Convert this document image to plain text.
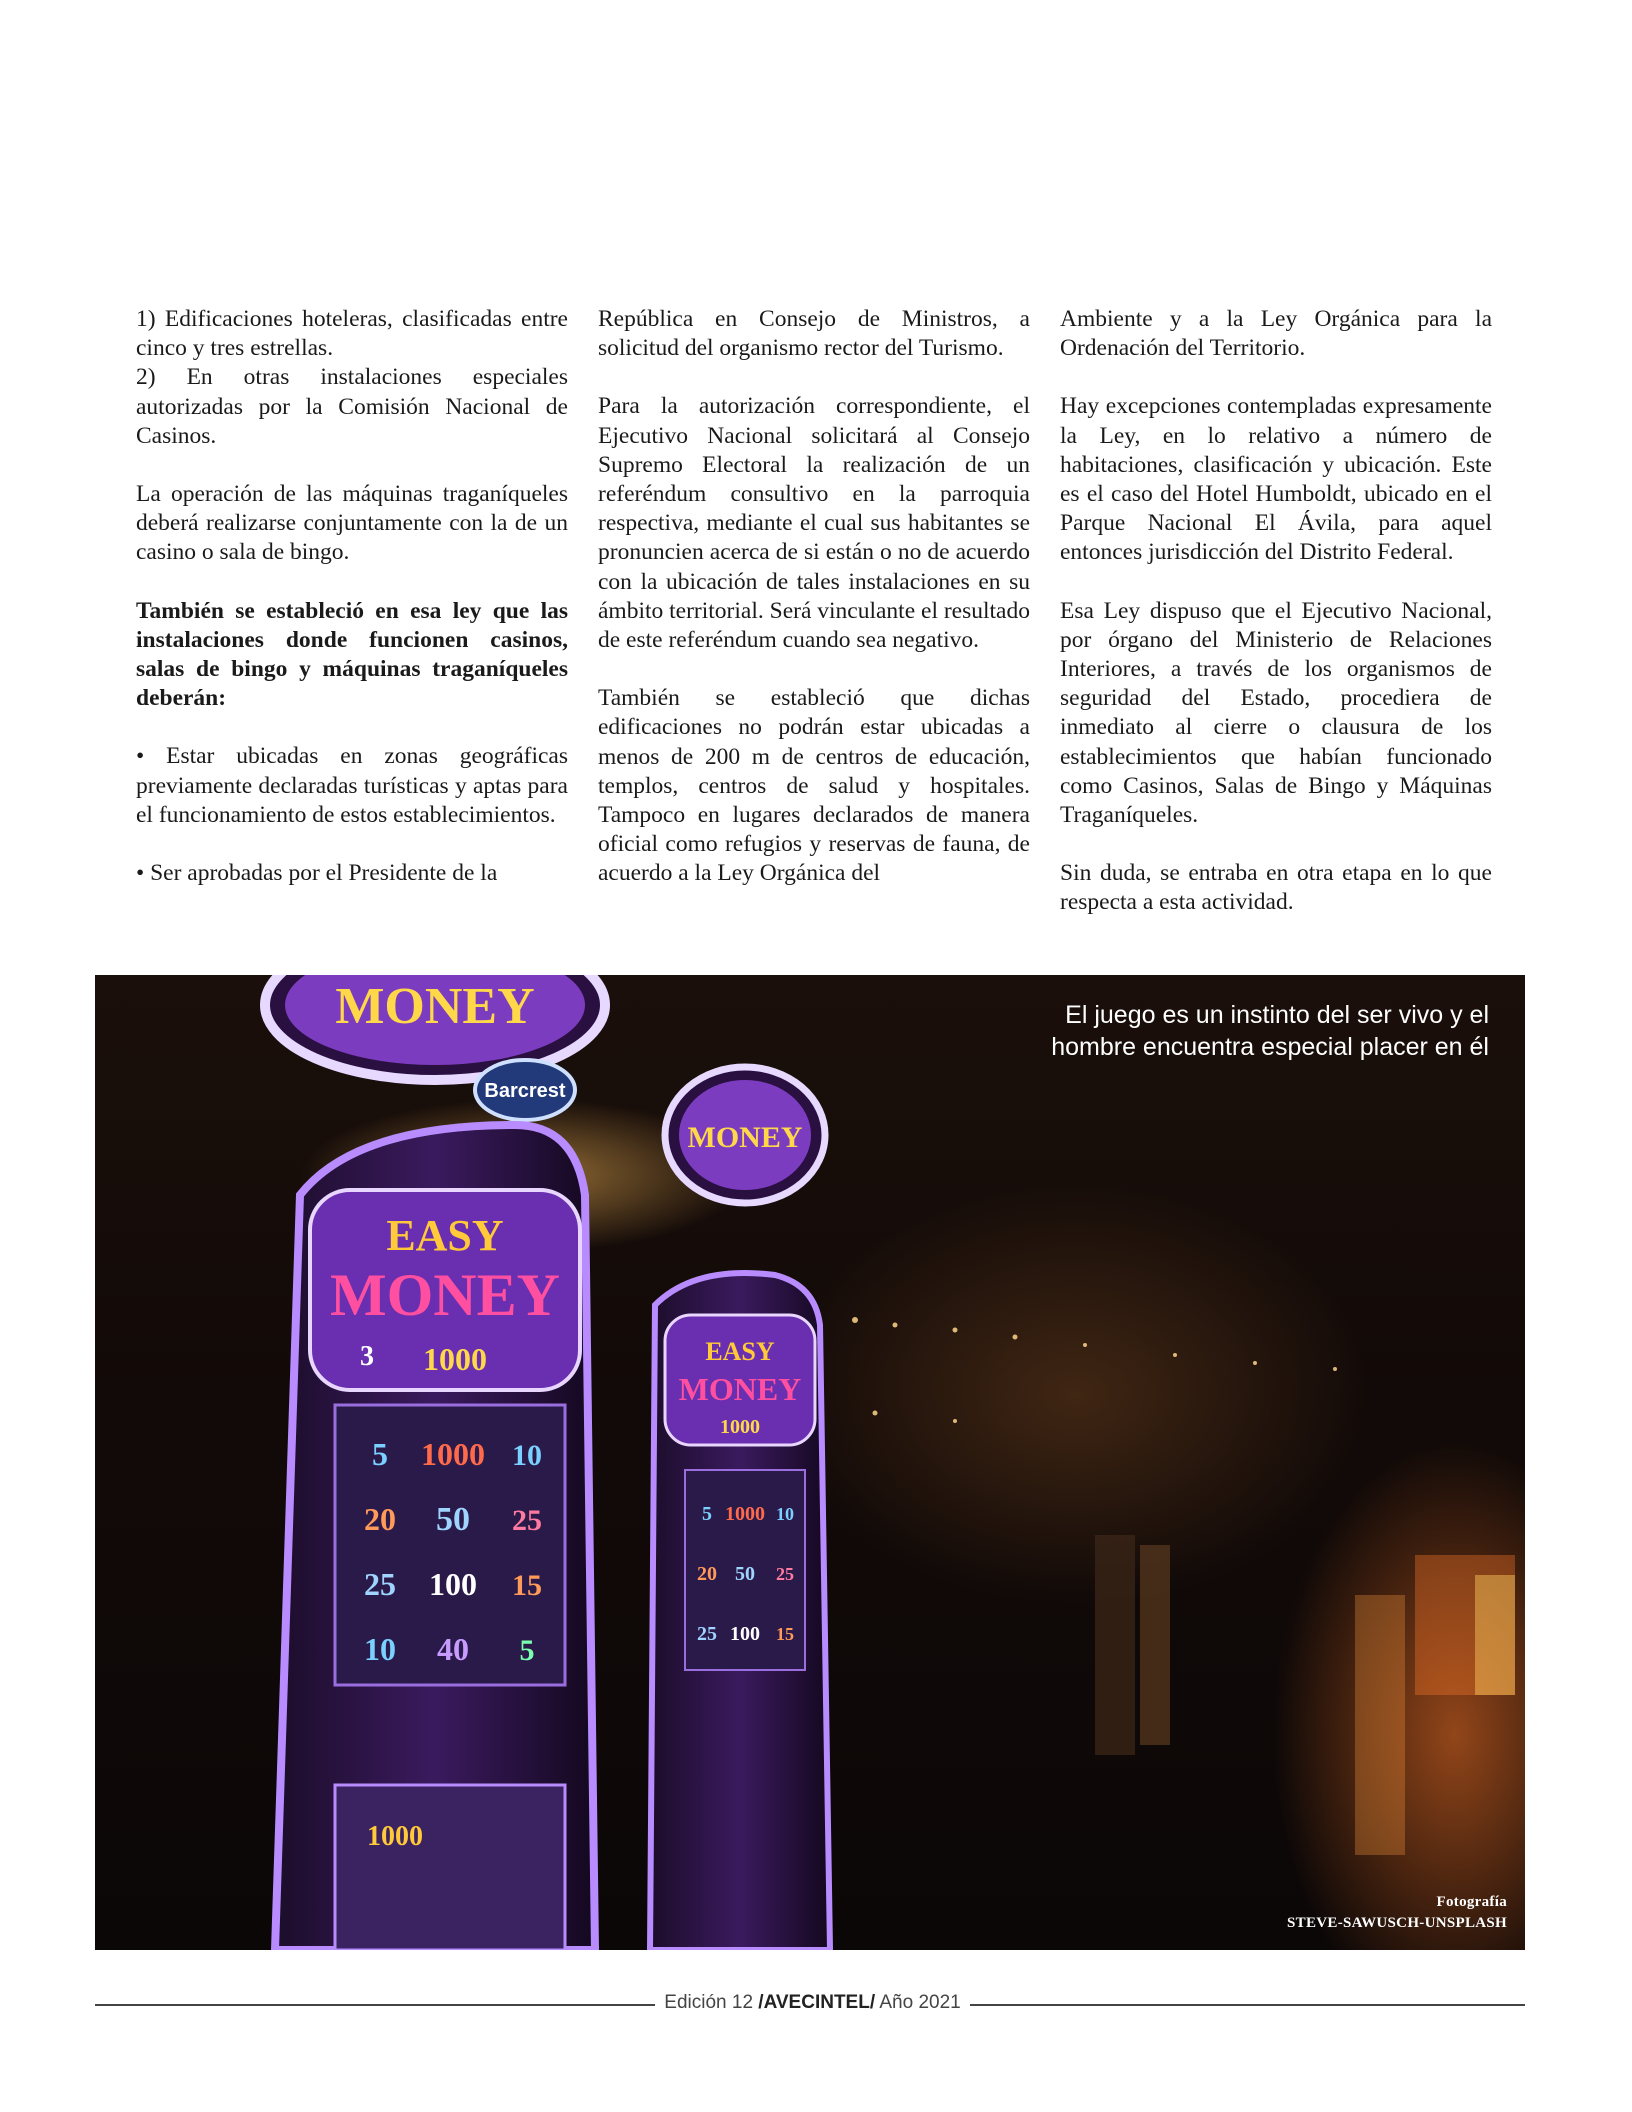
1) Edificaciones hoteleras, clasificadas entre cinco y tres estrellas.

2) En otras instalaciones especiales autorizadas por la Comisión Nacional de Casinos.

La operación de las máquinas traganíqueles deberá realizarse conjuntamente con la de un casino o sala de bingo.

También se estableció en esa ley que las instalaciones donde funcionen casinos, salas de bingo y máquinas traganíqueles deberán:

• Estar ubicadas en zonas geográficas previamente declaradas turísticas y aptas para el funcionamiento de estos establecimientos.

• Ser aprobadas por el Presidente de la

República en Consejo de Ministros, a solicitud del organismo rector del Turismo.

Para la autorización correspondiente, el Ejecutivo Nacional solicitará al Consejo Supremo Electoral la realización de un referéndum consultivo en la parroquia respectiva, mediante el cual sus habitantes se pronuncien acerca de si están o no de acuerdo con la ubicación de tales instalaciones en su ámbito territorial. Será vinculante el resultado de este referéndum cuando sea negativo.

También se estableció que dichas edificaciones no podrán estar ubicadas a menos de 200 m de centros de educación, templos, centros de salud y hospitales. Tampoco en lugares declarados de manera oficial como refugios y reservas de fauna, de acuerdo a la Ley Orgánica del

Ambiente y a la Ley Orgánica para la Ordenación del Territorio.

Hay excepciones contempladas expresamente la Ley, en lo relativo a número de habitaciones, clasificación y ubicación. Este es el caso del Hotel Humboldt, ubicado en el Parque Nacional El Ávila, para aquel entonces jurisdicción del Distrito Federal.

Esa Ley dispuso que el Ejecutivo Nacional, por órgano del Ministerio de Relaciones Interiores, a través de los organismos de seguridad del Estado, procediera de inmediato al cierre o clausura de los establecimientos que habían funcionado como Casinos, Salas de Bingo y Máquinas Traganíqueles.

Sin duda, se entraba en otra etapa en lo que respecta a esta actividad.

MONEY
Barcrest
EASY
MONEY
3 1000
5 1000 10
20 50 25
25 100 15
10 40 5
1000
MONEY
EASY
MONEY
1000
5 1000 10
20 50 25
25 100 15
El juego es un instinto del ser vivo y el
hombre encuentra especial placer en él
Fotografía
STEVE-SAWUSCH-UNSPLASH
Edición 12 /AVECINTEL/ Año 2021
